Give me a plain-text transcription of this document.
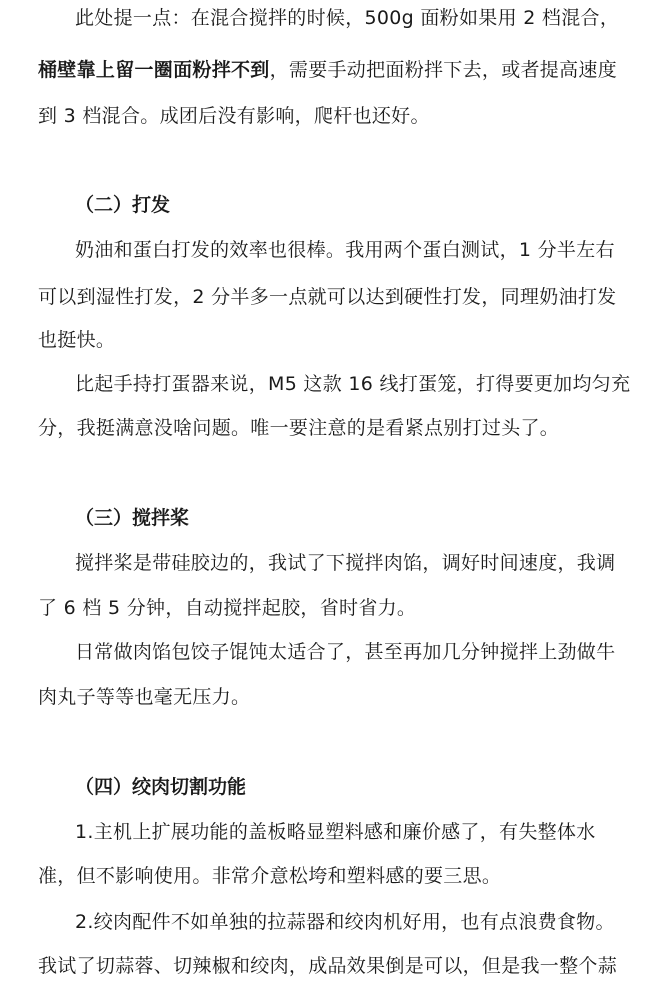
此处提一点：在混合搅拌的时候，500g 面粉如果用 2 档混合，
桶壁靠上留一圈面粉拌不到，需要手动把面粉拌下去，或者提高速度
到 3 档混合。成团后没有影响，爬杆也还好。
（二）打发
奶油和蛋白打发的效率也很棒。我用两个蛋白测试，1 分半左右
可以到湿性打发，2 分半多一点就可以达到硬性打发，同理奶油打发
也挺快。
比起手持打蛋器来说，M5 这款 16 线打蛋笼，打得要更加均匀充
分，我挺满意没啥问题。唯一要注意的是看紧点别打过头了。
（三）搅拌桨
搅拌桨是带硅胶边的，我试了下搅拌肉馅，调好时间速度，我调
了 6 档 5 分钟，自动搅拌起胶，省时省力。
日常做肉馅包饺子馄饨太适合了，甚至再加几分钟搅拌上劲做牛
肉丸子等等也毫无压力。
（四）绞肉切割功能
1.主机上扩展功能的盖板略显塑料感和廉价感了，有失整体水
准，但不影响使用。非常介意松垮和塑料感的要三思。
2.绞肉配件不如单独的拉蒜器和绞肉机好用，也有点浪费食物。
我试了切蒜蓉、切辣椒和绞肉，成品效果倒是可以，但是我一整个蒜
